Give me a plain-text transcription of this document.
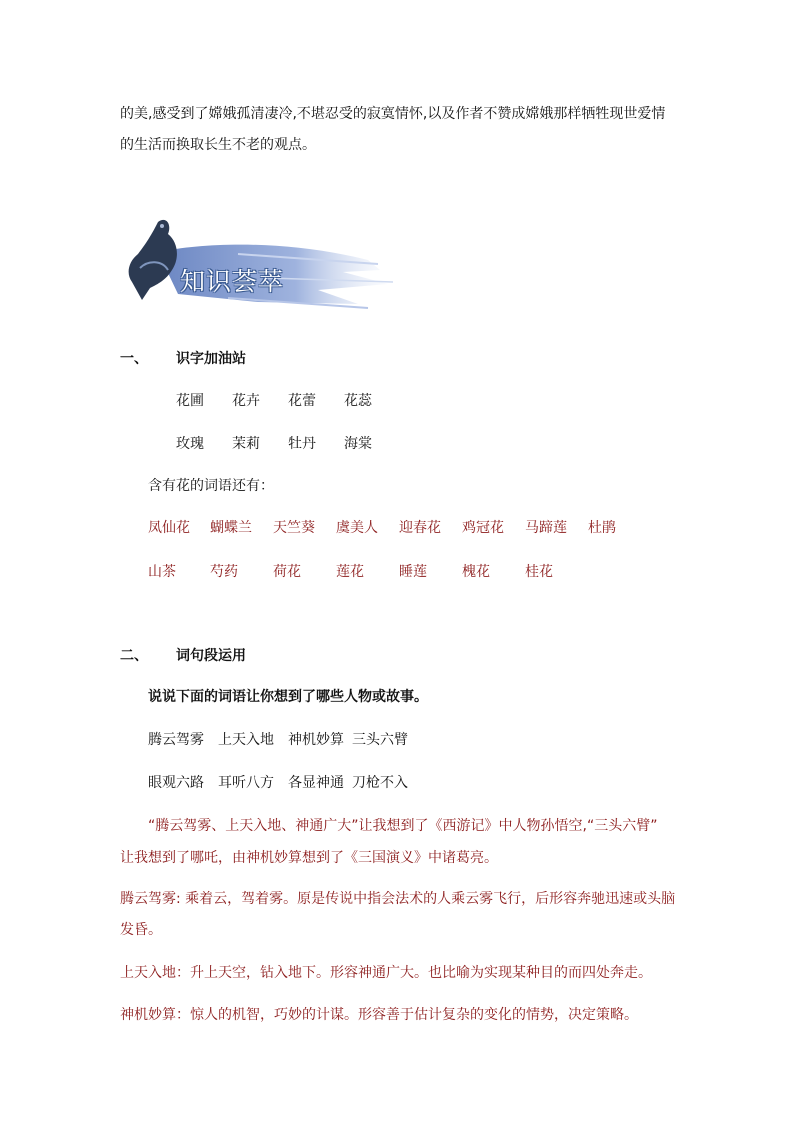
的美,感受到了嫦娥孤清凄冷,不堪忍受的寂寞情怀,以及作者不赞成嫦娥那样牺牲现世爱情
的生活而换取长生不老的观点。
知识荟萃
一、 识字加油站
花圃 花卉 花蕾 花蕊
玫瑰 茉莉 牡丹 海棠
含有花的词语还有：
凤仙花 蝴蝶兰 天竺葵 虞美人 迎春花 鸡冠花 马蹄莲 杜鹃
山茶 芍药	荷花	莲花	睡莲	槐花	桂花
二、 词句段运用
说说下面的词语让你想到了哪些人物或故事。
腾云驾雾 上天入地 神机妙算 三头六臂
眼观六路 耳听八方 各显神通 刀枪不入
“腾云驾雾、上天入地、神通广大”让我想到了《西游记》中人物孙悟空,“三头六臂”
让我想到了哪吒，由神机妙算想到了《三国演义》中诸葛亮。
腾云驾雾: 乘着云，驾着雾。原是传说中指会法术的人乘云雾飞行，后形容奔驰迅速或头脑
发昏。
上天入地：升上天空，钻入地下。形容神通广大。也比喻为实现某种目的而四处奔走。
神机妙算：惊人的机智，巧妙的计谋。形容善于估计复杂的变化的情势，决定策略。
